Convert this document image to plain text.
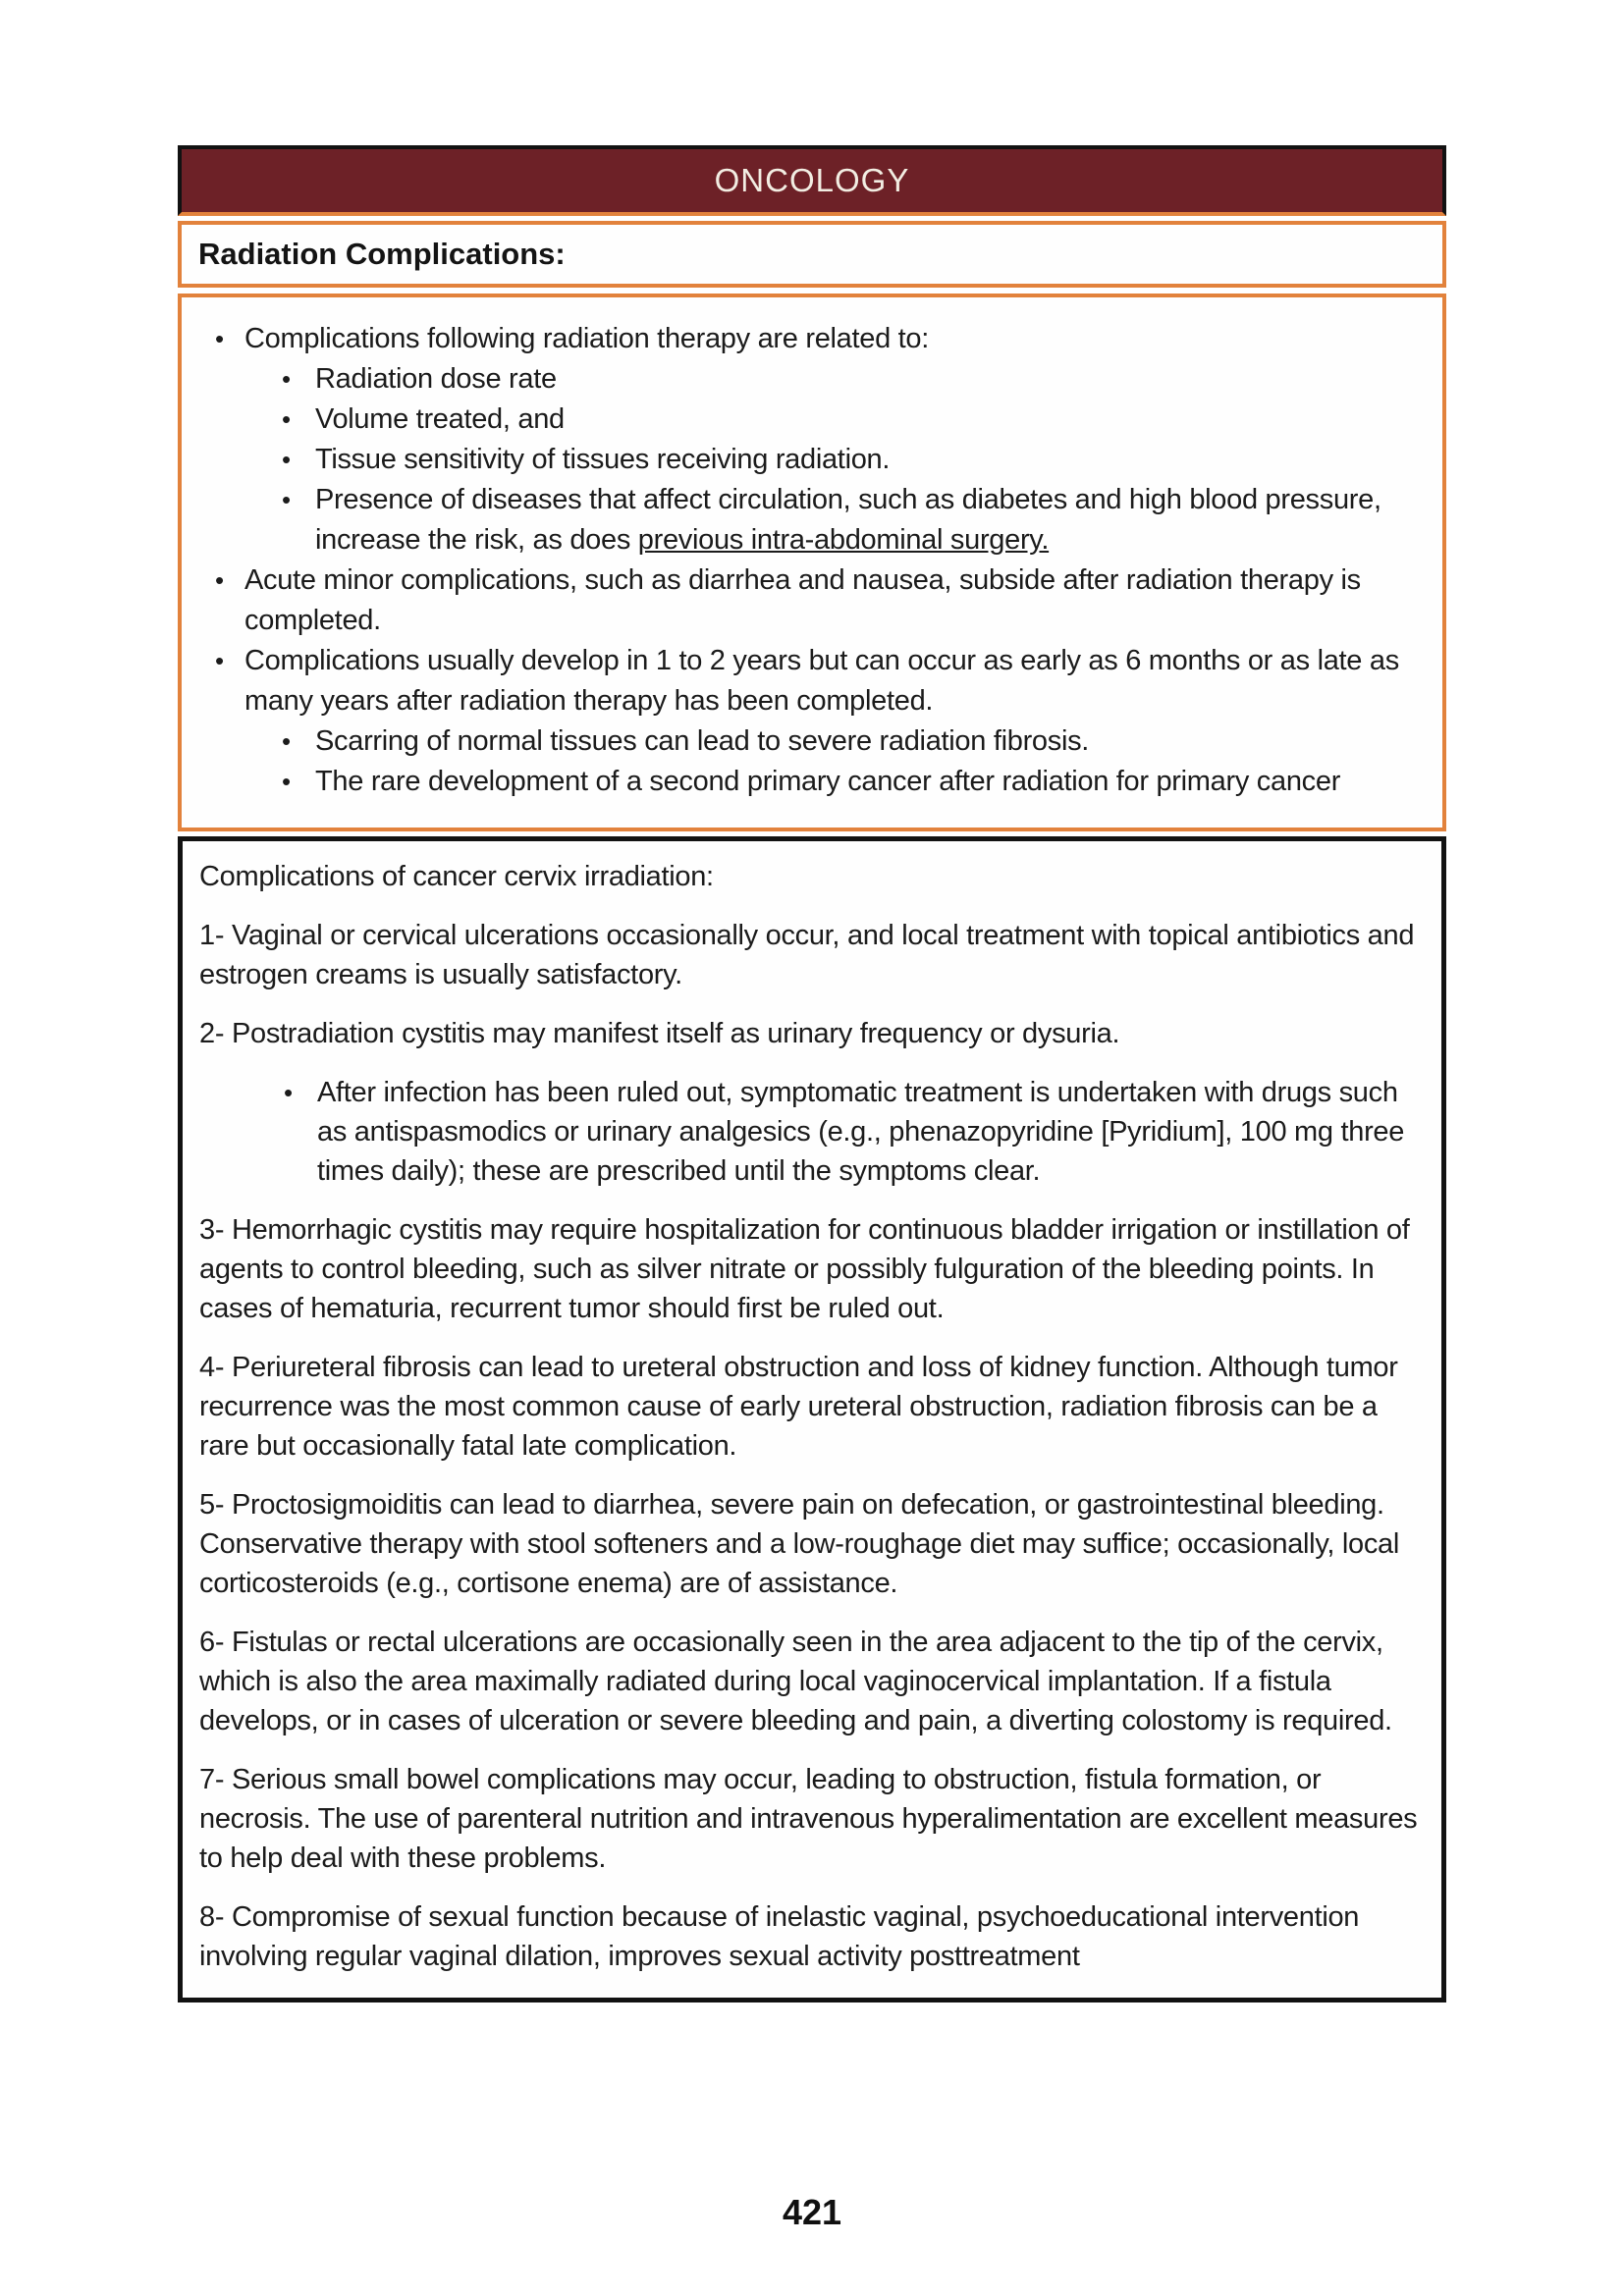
ONCOLOGY
Radiation Complications:
• Complications following radiation therapy are related to:
• Radiation dose rate
• Volume treated, and
• Tissue sensitivity of tissues receiving radiation.
• Presence of diseases that affect circulation, such as diabetes and high blood pressure, increase the risk, as does previous intra-abdominal surgery.
• Acute minor complications, such as diarrhea and nausea, subside after radiation therapy is completed.
• Complications usually develop in 1 to 2 years but can occur as early as 6 months or as late as many years after radiation therapy has been completed.
• Scarring of normal tissues can lead to severe radiation fibrosis.
• The rare development of a second primary cancer after radiation for primary cancer

Complications of cancer cervix irradiation:

1- Vaginal or cervical ulcerations occasionally occur, and local treatment with topical antibiotics and estrogen creams is usually satisfactory.

2- Postradiation cystitis may manifest itself as urinary frequency or dysuria.

• After infection has been ruled out, symptomatic treatment is undertaken with drugs such as antispasmodics or urinary analgesics (e.g., phenazopyridine [Pyridium], 100 mg three times daily); these are prescribed until the symptoms clear.

3- Hemorrhagic cystitis may require hospitalization for continuous bladder irrigation or instillation of agents to control bleeding, such as silver nitrate or possibly fulguration of the bleeding points. In cases of hematuria, recurrent tumor should first be ruled out.

4- Periureteral fibrosis can lead to ureteral obstruction and loss of kidney function. Although tumor recurrence was the most common cause of early ureteral obstruction, radiation fibrosis can be a rare but occasionally fatal late complication.

5- Proctosigmoiditis can lead to diarrhea, severe pain on defecation, or gastrointestinal bleeding. Conservative therapy with stool softeners and a low-roughage diet may suffice; occasionally, local corticosteroids (e.g., cortisone enema) are of assistance.

6- Fistulas or rectal ulcerations are occasionally seen in the area adjacent to the tip of the cervix, which is also the area maximally radiated during local vaginocervical implantation. If a fistula develops, or in cases of ulceration or severe bleeding and pain, a diverting colostomy is required.

7- Serious small bowel complications may occur, leading to obstruction, fistula formation, or necrosis. The use of parenteral nutrition and intravenous hyperalimentation are excellent measures to help deal with these problems.

8- Compromise of sexual function because of inelastic vaginal, psychoeducational intervention involving regular vaginal dilation, improves sexual activity posttreatment

421
